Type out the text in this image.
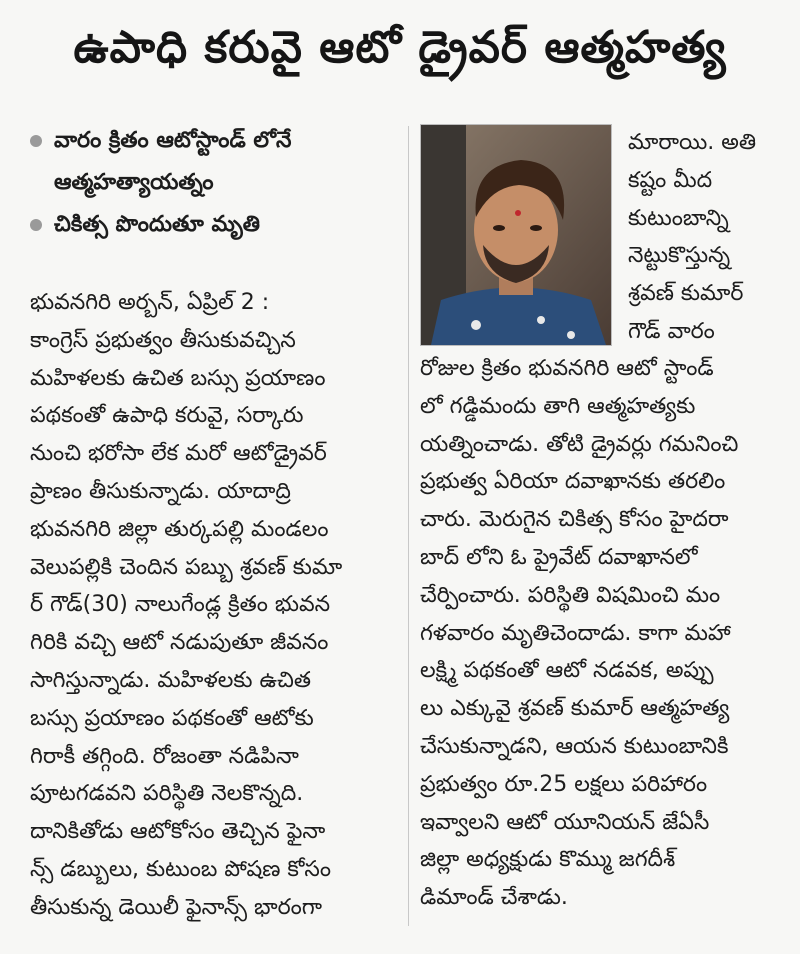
ఉపాధి కరువై ఆటో డ్రైవర్ ఆత్మహత్య
వారం క్రితం ఆటోస్టాండ్ లోనే
ఆత్మహత్యాయత్నం
చికిత్స పొందుతూ మృతి
మారాయి. అతి
కష్టం మీద
కుటుంబాన్ని
నెట్టుకొస్తున్న
శ్రవణ్ కుమార్
గౌడ్ వారం
భువనగిరి అర్బన్, ఏప్రిల్ 2 :
కాంగ్రెస్ ప్రభుత్వం తీసుకువచ్చిన
మహిళలకు ఉచిత బస్సు ప్రయాణం
పథకంతో ఉపాధి కరువై, సర్కారు
నుంచి భరోసా లేక మరో ఆటోడ్రైవర్
ప్రాణం తీసుకున్నాడు. యాదాద్రి
భువనగిరి జిల్లా తుర్కపల్లి మండలం
వెలుపల్లికి చెందిన పబ్బు శ్రవణ్ కుమా
ర్ గౌడ్(30) నాలుగేండ్ల క్రితం భువన
గిరికి వచ్చి ఆటో నడుపుతూ జీవనం
సాగిస్తున్నాడు. మహిళలకు ఉచిత
బస్సు ప్రయాణం పథకంతో ఆటోకు
గిరాకీ తగ్గింది. రోజంతా నడిపినా
పూటగడవని పరిస్థితి నెలకొన్నది.
దానికితోడు ఆటోకోసం తెచ్చిన ఫైనా
న్స్ డబ్బులు, కుటుంబ పోషణ కోసం
తీసుకున్న డెయిలీ ఫైనాన్స్ భారంగా
రోజుల క్రితం భువనగిరి ఆటో స్టాండ్
లో గడ్డిమందు తాగి ఆత్మహత్యకు
యత్నించాడు. తోటి డ్రైవర్లు గమనించి
ప్రభుత్వ ఏరియా దవాఖానకు తరలిం
చారు. మెరుగైన చికిత్స కోసం హైదరా
బాద్ లోని ఓ ప్రైవేట్ దవాఖానలో
చేర్పించారు. పరిస్థితి విషమించి మం
గళవారం మృతిచెందాడు. కాగా మహా
లక్ష్మి పథకంతో ఆటో నడవక, అప్పు
లు ఎక్కువై శ్రవణ్ కుమార్ ఆత్మహత్య
చేసుకున్నాడని, ఆయన కుటుంబానికి
ప్రభుత్వం రూ.25 లక్షలు పరిహారం
ఇవ్వాలని ఆటో యూనియన్ జేఏసీ
జిల్లా అధ్యక్షుడు కొమ్ము జగదీశ్
డిమాండ్ చేశాడు.
